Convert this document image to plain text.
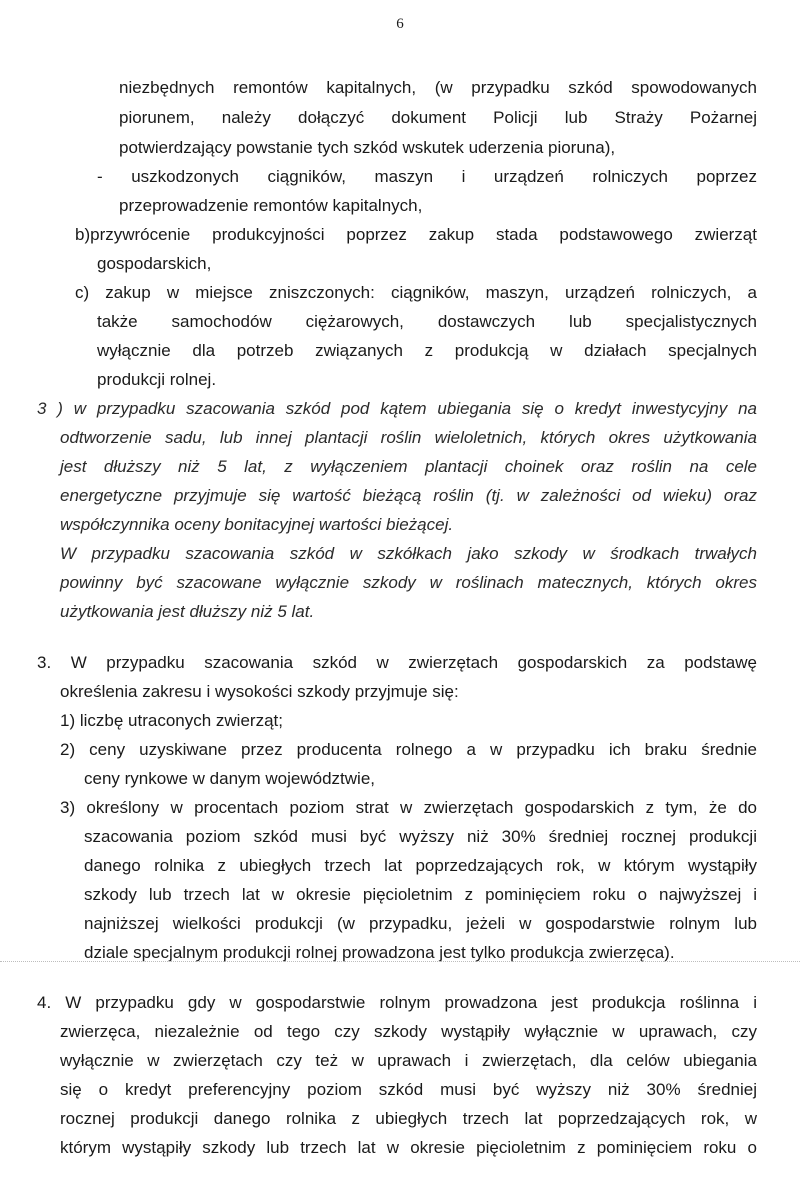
6
niezbędnych remontów kapitalnych, (w przypadku szkód spowodowanych
piorunem, należy dołączyć dokument Policji lub Straży Pożarnej
potwierdzający powstanie tych szkód wskutek uderzenia pioruna),
- uszkodzonych ciągników, maszyn i urządzeń rolniczych poprzez
przeprowadzenie remontów kapitalnych,
b)przywrócenie produkcyjności poprzez zakup stada podstawowego zwierząt
gospodarskich,
c) zakup w miejsce zniszczonych: ciągników, maszyn, urządzeń rolniczych, a
także samochodów ciężarowych, dostawczych lub specjalistycznych
wyłącznie dla potrzeb związanych z produkcją w działach specjalnych
produkcji rolnej.
3 ) w przypadku szacowania szkód pod kątem ubiegania się o kredyt inwestycyjny na
odtworzenie sadu, lub innej plantacji roślin wieloletnich, których okres użytkowania
jest dłuższy niż 5 lat, z wyłączeniem plantacji choinek oraz roślin na cele
energetyczne przyjmuje się wartość bieżącą roślin (tj. w zależności od wieku) oraz
współczynnika oceny bonitacyjnej wartości bieżącej.
W przypadku szacowania szkód w szkółkach jako szkody w środkach trwałych
powinny być szacowane wyłącznie szkody w roślinach matecznych, których okres
użytkowania jest dłuższy niż 5 lat.
3. W przypadku szacowania szkód w zwierzętach gospodarskich za podstawę
określenia zakresu i wysokości szkody przyjmuje się:
1) liczbę utraconych zwierząt;
2) ceny uzyskiwane przez producenta rolnego a w przypadku ich braku średnie
ceny rynkowe w danym województwie,
3) określony w procentach poziom strat w zwierzętach gospodarskich z tym, że do
szacowania poziom szkód musi być wyższy niż 30% średniej rocznej produkcji
danego rolnika z ubiegłych trzech lat poprzedzających rok, w którym wystąpiły
szkody lub trzech lat w okresie pięcioletnim z pominięciem roku o najwyższej i
najniższej wielkości produkcji (w przypadku, jeżeli w gospodarstwie rolnym lub
dziale specjalnym produkcji rolnej prowadzona jest tylko produkcja zwierzęca).
4. W przypadku gdy w gospodarstwie rolnym prowadzona jest produkcja roślinna i
zwierzęca, niezależnie od tego czy szkody wystąpiły wyłącznie w uprawach, czy
wyłącznie w zwierzętach czy też w uprawach i zwierzętach, dla celów ubiegania
się o kredyt preferencyjny poziom szkód musi być wyższy niż 30% średniej
rocznej produkcji danego rolnika z ubiegłych trzech lat poprzedzających rok, w
którym wystąpiły szkody lub trzech lat w okresie pięcioletnim z pominięciem roku o
